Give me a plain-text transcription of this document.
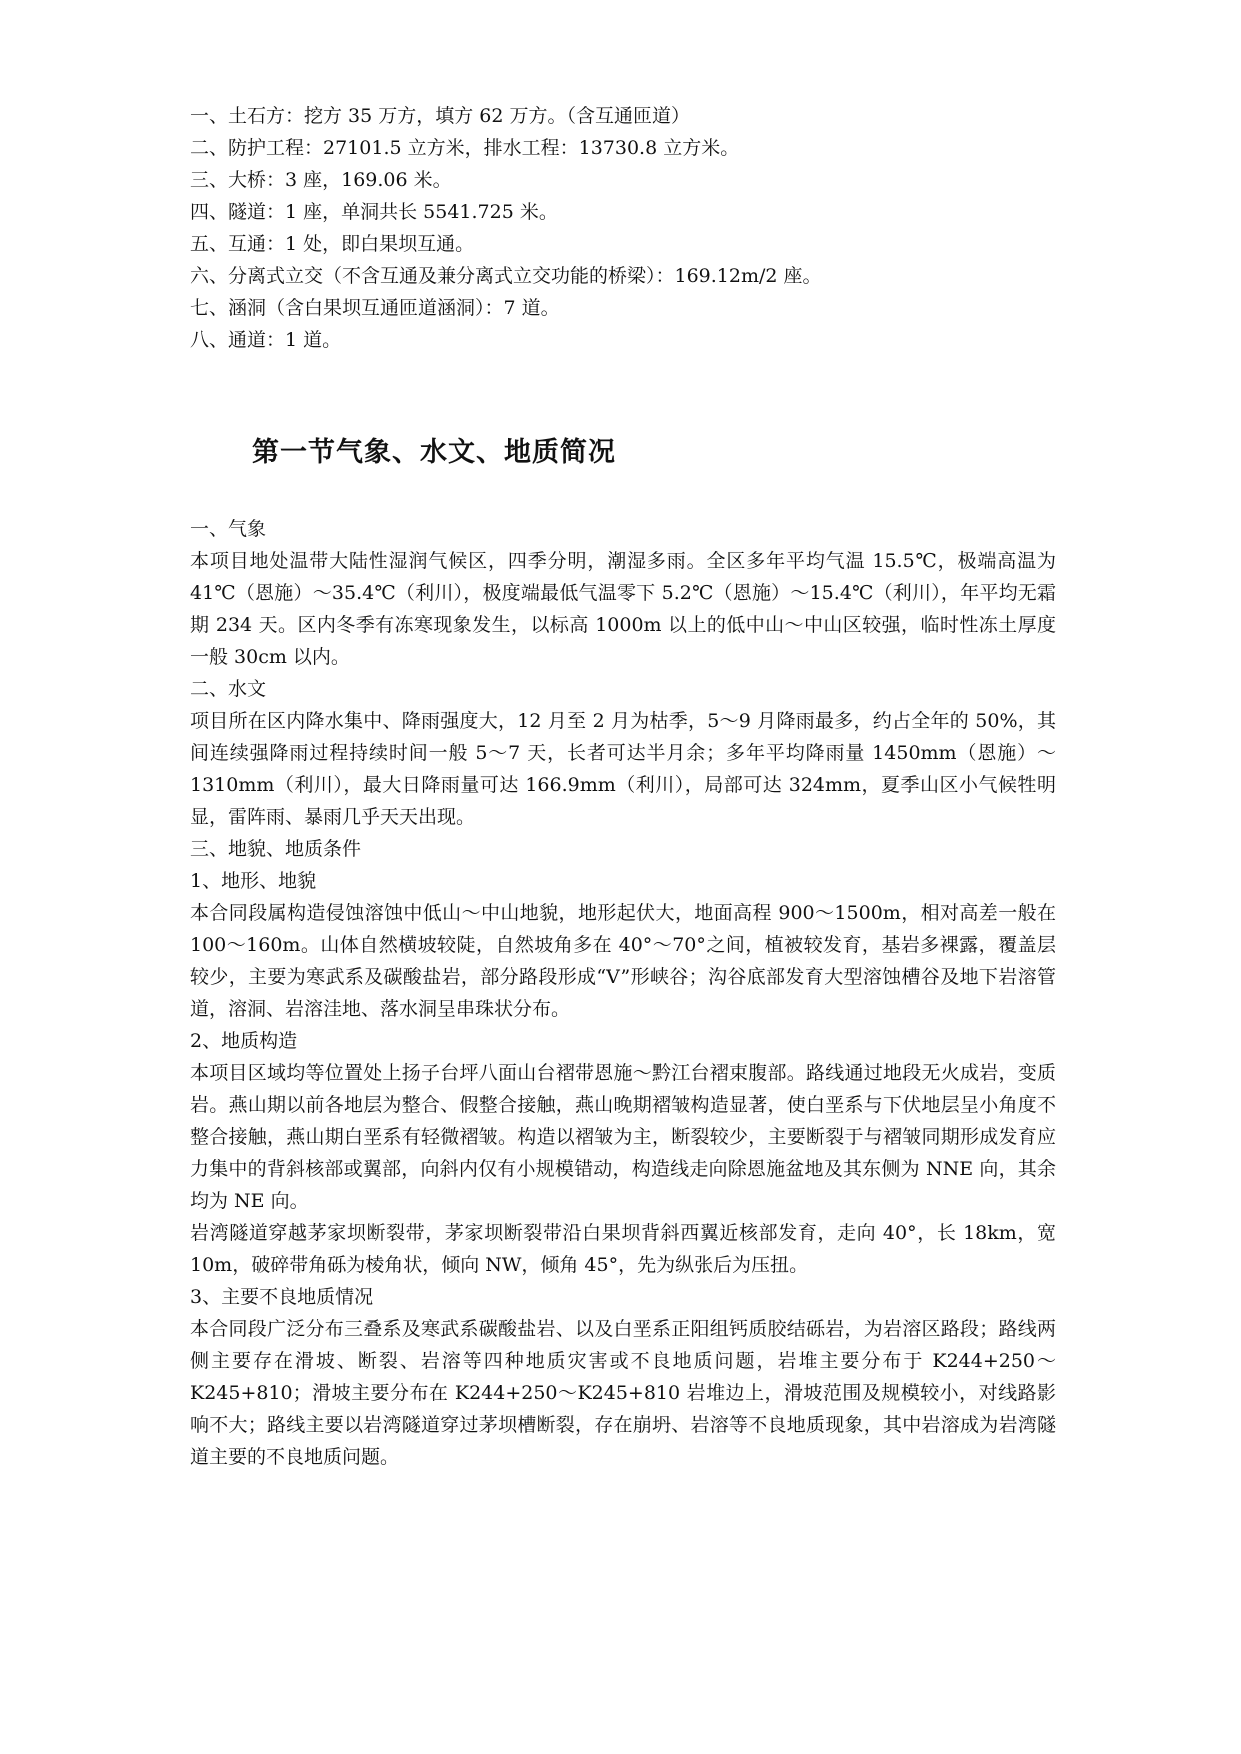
一、土石方：挖方 35 万方，填方 62 万方。（含互通匝道）
二、防护工程：27101.5 立方米，排水工程：13730.8 立方米。
三、大桥：3 座，169.06 米。
四、隧道：1 座，单洞共长 5541.725 米。
五、互通：1 处，即白果坝互通。
六、分离式立交（不含互通及兼分离式立交功能的桥梁）：169.12m/2 座。
七、涵洞（含白果坝互通匝道涵洞）：7 道。
八、通道：1 道。
第一节气象、水文、地质简况

一、气象

本项目地处温带大陆性湿润气候区，四季分明，潮湿多雨。全区多年平均气温 15.5℃，极端高温为 41℃（恩施）～35.4℃（利川），极度端最低气温零下 5.2℃（恩施）～15.4℃（利川），年平均无霜期 234 天。区内冬季有冻寒现象发生，以标高 1000m 以上的低中山～中山区较强，临时性冻土厚度一般 30cm 以内。

二、水文

项目所在区内降水集中、降雨强度大，12 月至 2 月为枯季，5～9 月降雨最多，约占全年的 50%，其间连续强降雨过程持续时间一般 5～7 天，长者可达半月余；多年平均降雨量 1450mm（恩施）～ 1310mm（利川），最大日降雨量可达 166.9mm（利川），局部可达 324mm，夏季山区小气候牲明显，雷阵雨、暴雨几乎天天出现。

三、地貌、地质条件

1、地形、地貌

本合同段属构造侵蚀溶蚀中低山～中山地貌，地形起伏大，地面高程 900～1500m，相对高差一般在 100～160m。山体自然横坡较陡，自然坡角多在 40°～70°之间，植被较发育，基岩多裸露，覆盖层较少，主要为寒武系及碳酸盐岩，部分路段形成“V”形峡谷；沟谷底部发育大型溶蚀槽谷及地下岩溶管道，溶洞、岩溶洼地、落水洞呈串珠状分布。

2、地质构造

本项目区域均等位置处上扬子台坪八面山台褶带恩施～黔江台褶束腹部。路线通过地段无火成岩，变质岩。燕山期以前各地层为整合、假整合接触，燕山晚期褶皱构造显著，使白垩系与下伏地层呈小角度不整合接触，燕山期白垩系有轻微褶皱。构造以褶皱为主，断裂较少，主要断裂于与褶皱同期形成发育应力集中的背斜核部或翼部，向斜内仅有小规模错动，构造线走向除恩施盆地及其东侧为 NNE 向，其余均为 NE 向。

岩湾隧道穿越茅家坝断裂带，茅家坝断裂带沿白果坝背斜西翼近核部发育，走向 40°，长 18km，宽 10m，破碎带角砾为棱角状，倾向 NW，倾角 45°，先为纵张后为压扭。

3、主要不良地质情况

本合同段广泛分布三叠系及寒武系碳酸盐岩、以及白垩系正阳组钙质胶结砾岩，为岩溶区路段；路线两侧主要存在滑坡、断裂、岩溶等四种地质灾害或不良地质问题，岩堆主要分布于 K244+250～K245+810；滑坡主要分布在 K244+250～K245+810 岩堆边上，滑坡范围及规模较小，对线路影响不大；路线主要以岩湾隧道穿过茅坝槽断裂，存在崩坍、岩溶等不良地质现象，其中岩溶成为岩湾隧道主要的不良地质问题。
